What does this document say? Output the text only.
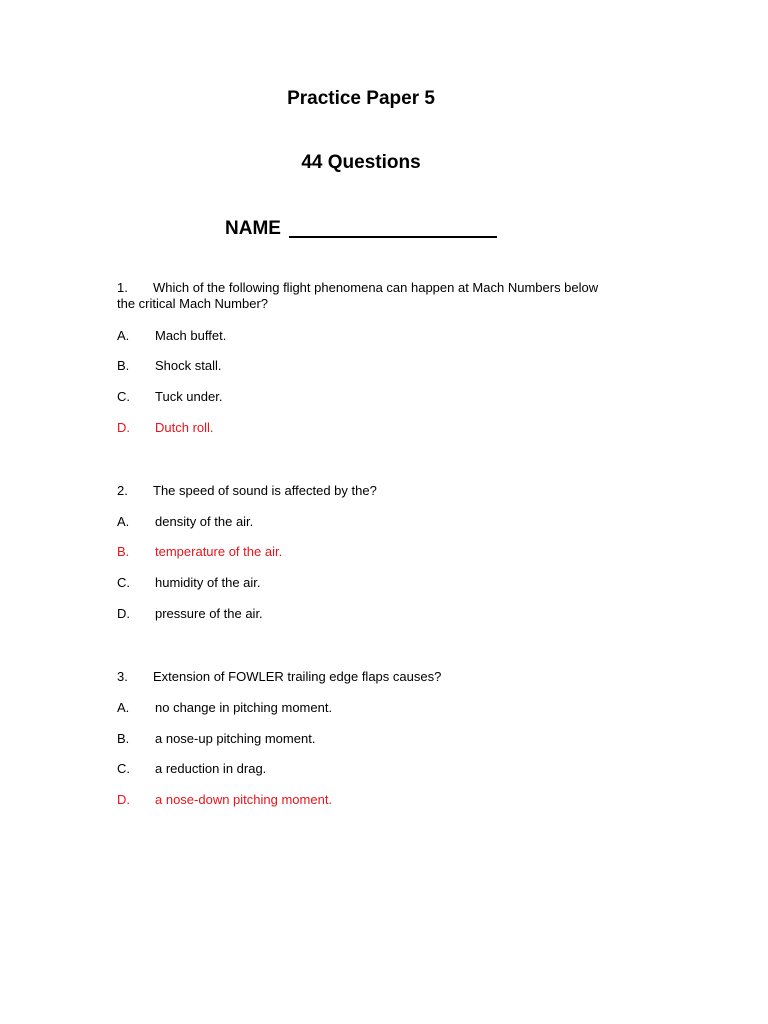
Practice Paper 5
44 Questions
NAME
1. Which of the following flight phenomena can happen at Mach Numbers below the critical Mach Number?
A. Mach buffet.
B. Shock stall.
C. Tuck under.
D. Dutch roll.
2. The speed of sound is affected by the?
A. density of the air.
B. temperature of the air.
C. humidity of the air.
D. pressure of the air.
3. Extension of FOWLER trailing edge flaps causes?
A. no change in pitching moment.
B. a nose-up pitching moment.
C. a reduction in drag.
D. a nose-down pitching moment.
